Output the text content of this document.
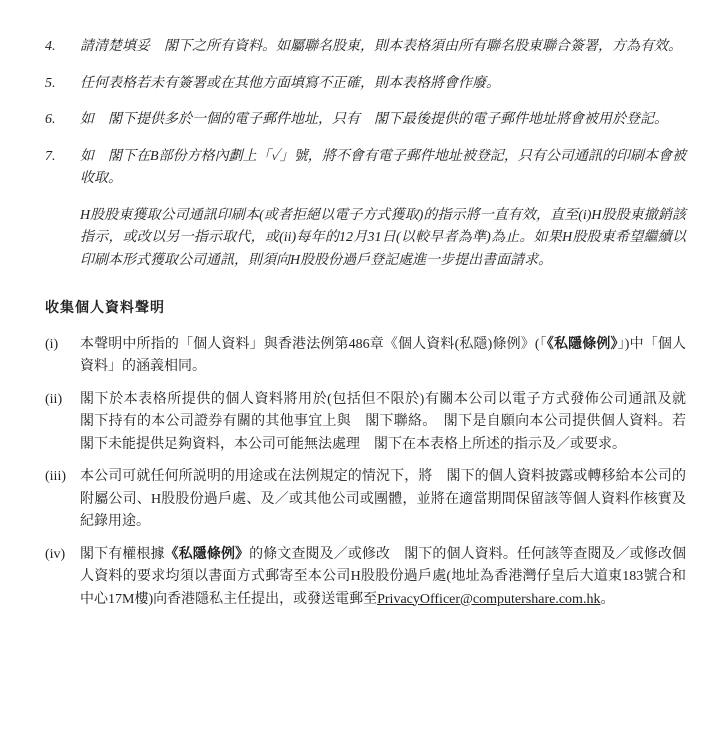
4.	請清楚填妥　閣下之所有資料。如屬聯名股東，則本表格須由所有聯名股東聯合簽署，方為有效。
5.	任何表格若未有簽署或在其他方面填寫不正確，則本表格將會作廢。
6.	如　閣下提供多於一個的電子郵件地址，只有　閣下最後提供的電子郵件地址將會被用於登記。
7.	如　閣下在B部份方格內劃上「✓」號，將不會有電子郵件地址被登記，只有公司通訊的印刷本會被收取。
H股股東獲取公司通訊印刷本(或者拒絕以電子方式獲取)的指示將一直有效，直至(i)H股股東撤銷該指示，或改以另一指示取代，或(ii)每年的12月31日(以較早者為準)為止。如果H股股東希望繼續以印刷本形式獲取公司通訊，則須向H股股份過戶登記處進一步提出書面請求。
收集個人資料聲明
(i)	本聲明中所指的「個人資料」與香港法例第486章《個人資料(私隱)條例》(「《私隱條例》」)中「個人資料」的涵義相同。
(ii)	閣下於本表格所提供的個人資料將用於(包括但不限於)有關本公司以電子方式發佈公司通訊及就　閣下持有的本公司證券有關的其他事宜上與　閣下聯絡。　閣下是自願向本公司提供個人資料。若　閣下未能提供足夠資料，本公司可能無法處理　閣下在本表格上所述的指示及／或要求。
(iii)	本公司可就任何所説明的用途或在法例規定的情況下，將　閣下的個人資料披露或轉移給本公司的附屬公司、H股股份過戶處、及／或其他公司或團體，並將在適當期間保留該等個人資料作核實及紀錄用途。
(iv)	閣下有權根據《私隱條例》的條文查閱及／或修改　閣下的個人資料。任何該等查閱及／或修改個人資料的要求均須以書面方式郵寄至本公司H股股份過戶處(地址為香港灣仔皇后大道東183號合和中心17M樓)向香港隱私主任提出，或發送電郵至PrivacyOfficer@computershare.com.hk。
